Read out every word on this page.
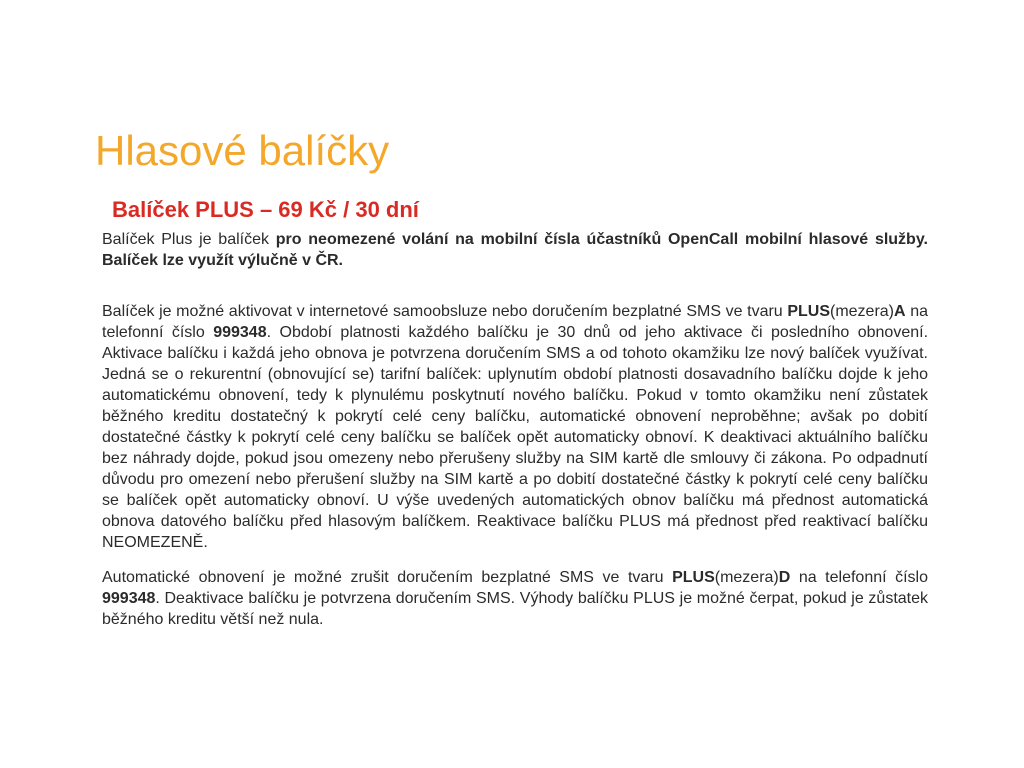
Hlasové balíčky
Balíček PLUS – 69 Kč / 30 dní

Balíček Plus je balíček pro neomezené volání na mobilní čísla účastníků OpenCall mobilní hlasové služby. Balíček lze využít výlučně v ČR.

Balíček je možné aktivovat v internetové samoobsluze nebo doručením bezplatné SMS ve tvaru PLUS(mezera)A na telefonní číslo 999348. Období platnosti každého balíčku je 30 dnů od jeho aktivace či posledního obnovení. Aktivace balíčku i každá jeho obnova je potvrzena doručením SMS a od tohoto okamžiku lze nový balíček využívat. Jedná se o rekurentní (obnovující se) tarifní balíček: uplynutím období platnosti dosavadního balíčku dojde k jeho automatickému obnovení, tedy k plynulému poskytnutí nového balíčku. Pokud v tomto okamžiku není zůstatek běžného kreditu dostatečný k pokrytí celé ceny balíčku, automatické obnovení neproběhne; avšak po dobití dostatečné částky k pokrytí celé ceny balíčku se balíček opět automaticky obnoví. K deaktivaci aktuálního balíčku bez náhrady dojde, pokud jsou omezeny nebo přerušeny služby na SIM kartě dle smlouvy či zákona. Po odpadnutí důvodu pro omezení nebo přerušení služby na SIM kartě a po dobití dostatečné částky k pokrytí celé ceny balíčku se balíček opět automaticky obnoví. U výše uvedených automatických obnov balíčku má přednost automatická obnova datového balíčku před hlasovým balíčkem. Reaktivace balíčku PLUS má přednost před reaktivací balíčku NEOMEZENĚ.

Automatické obnovení je možné zrušit doručením bezplatné SMS ve tvaru PLUS(mezera)D na telefonní číslo 999348. Deaktivace balíčku je potvrzena doručením SMS. Výhody balíčku PLUS je možné čerpat, pokud je zůstatek běžného kreditu větší než nula.
